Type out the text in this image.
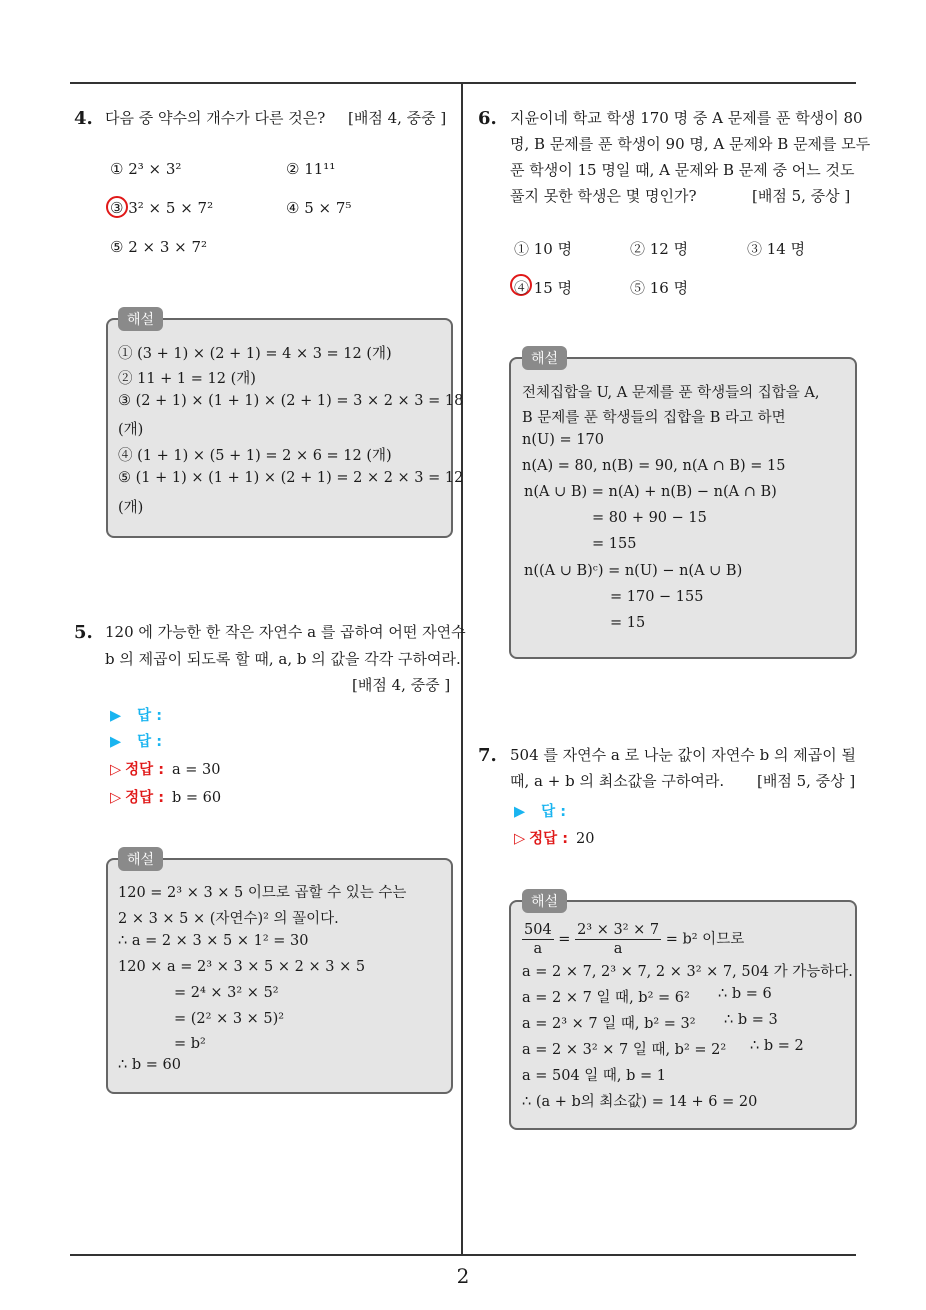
2
4. 다음 중 약수의 개수가 다른 것은? [배점 4, 중중 ]
① 2³ × 3²	② 11¹¹
③ 3² × 5 × 7²	④ 5 × 7⁵
⑤ 2 × 3 × 7²
해설
① (3 + 1) × (2 + 1) = 4 × 3 = 12 (개)
② 11 + 1 = 12 (개)
③ (2 + 1) × (1 + 1) × (2 + 1) = 3 × 2 × 3 = 18
(개)
④ (1 + 1) × (5 + 1) = 2 × 6 = 12 (개)
⑤ (1 + 1) × (1 + 1) × (2 + 1) = 2 × 2 × 3 = 12
(개)
5. 120 에 가능한 한 작은 자연수 a 를 곱하여 어떤 자연수
b 의 제곱이 되도록 할 때, a, b 의 값을 각각 구하여라.
[배점 4, 중중 ]
▶ 답 :
▶ 답 :
▷ 정답 : a = 30
▷ 정답 : b = 60
해설
120 = 2³ × 3 × 5 이므로 곱할 수 있는 수는
2 × 3 × 5 × (자연수)² 의 꼴이다.
∴ a = 2 × 3 × 5 × 1² = 30
120 × a = 2³ × 3 × 5 × 2 × 3 × 5
= 2⁴ × 3² × 5²
= (2² × 3 × 5)²
= b²
∴ b = 60
6. 지윤이네 학교 학생 170 명 중 A 문제를 푼 학생이 80
명, B 문제를 푼 학생이 90 명, A 문제와 B 문제를 모두
푼 학생이 15 명일 때, A 문제와 B 문제 중 어느 것도
풀지 못한 학생은 몇 명인가?	[배점 5, 중상 ]
① 10 명	② 12 명	③ 14 명
④ 15 명	⑤ 16 명
해설
전체집합을 U, A 문제를 푼 학생들의 집합을 A,
B 문제를 푼 학생들의 집합을 B 라고 하면
n(U) = 170
n(A) = 80, n(B) = 90, n(A ∩ B) = 15
n(A ∪ B) = n(A) + n(B) − n(A ∩ B)
= 80 + 90 − 15
= 155
n((A ∪ B)ᶜ) = n(U) − n(A ∪ B)
= 170 − 155
= 15
7. 504 를 자연수 a 로 나눈 값이 자연수 b 의 제곱이 될
때, a + b 의 최소값을 구하여라. [배점 5, 중상 ]
▶ 답 :
▷ 정답 : 20
해설
$\frac{504}{a} = \frac{\text{2³ × 3² × 7}}{a} = b^2$ 이므로
a = 2 × 7, 2³ × 7, 2 × 3² × 7, 504 가 가능하다.
a = 2 × 7 일 때, b² = 6² ∴ b = 6
a = 2³ × 7 일 때, b² = 3² ∴ b = 3
a = 2 × 3² × 7 일 때, b² = 2² ∴ b = 2
a = 504 일 때, b = 1
∴ (a + b의 최소값) = 14 + 6 = 20
